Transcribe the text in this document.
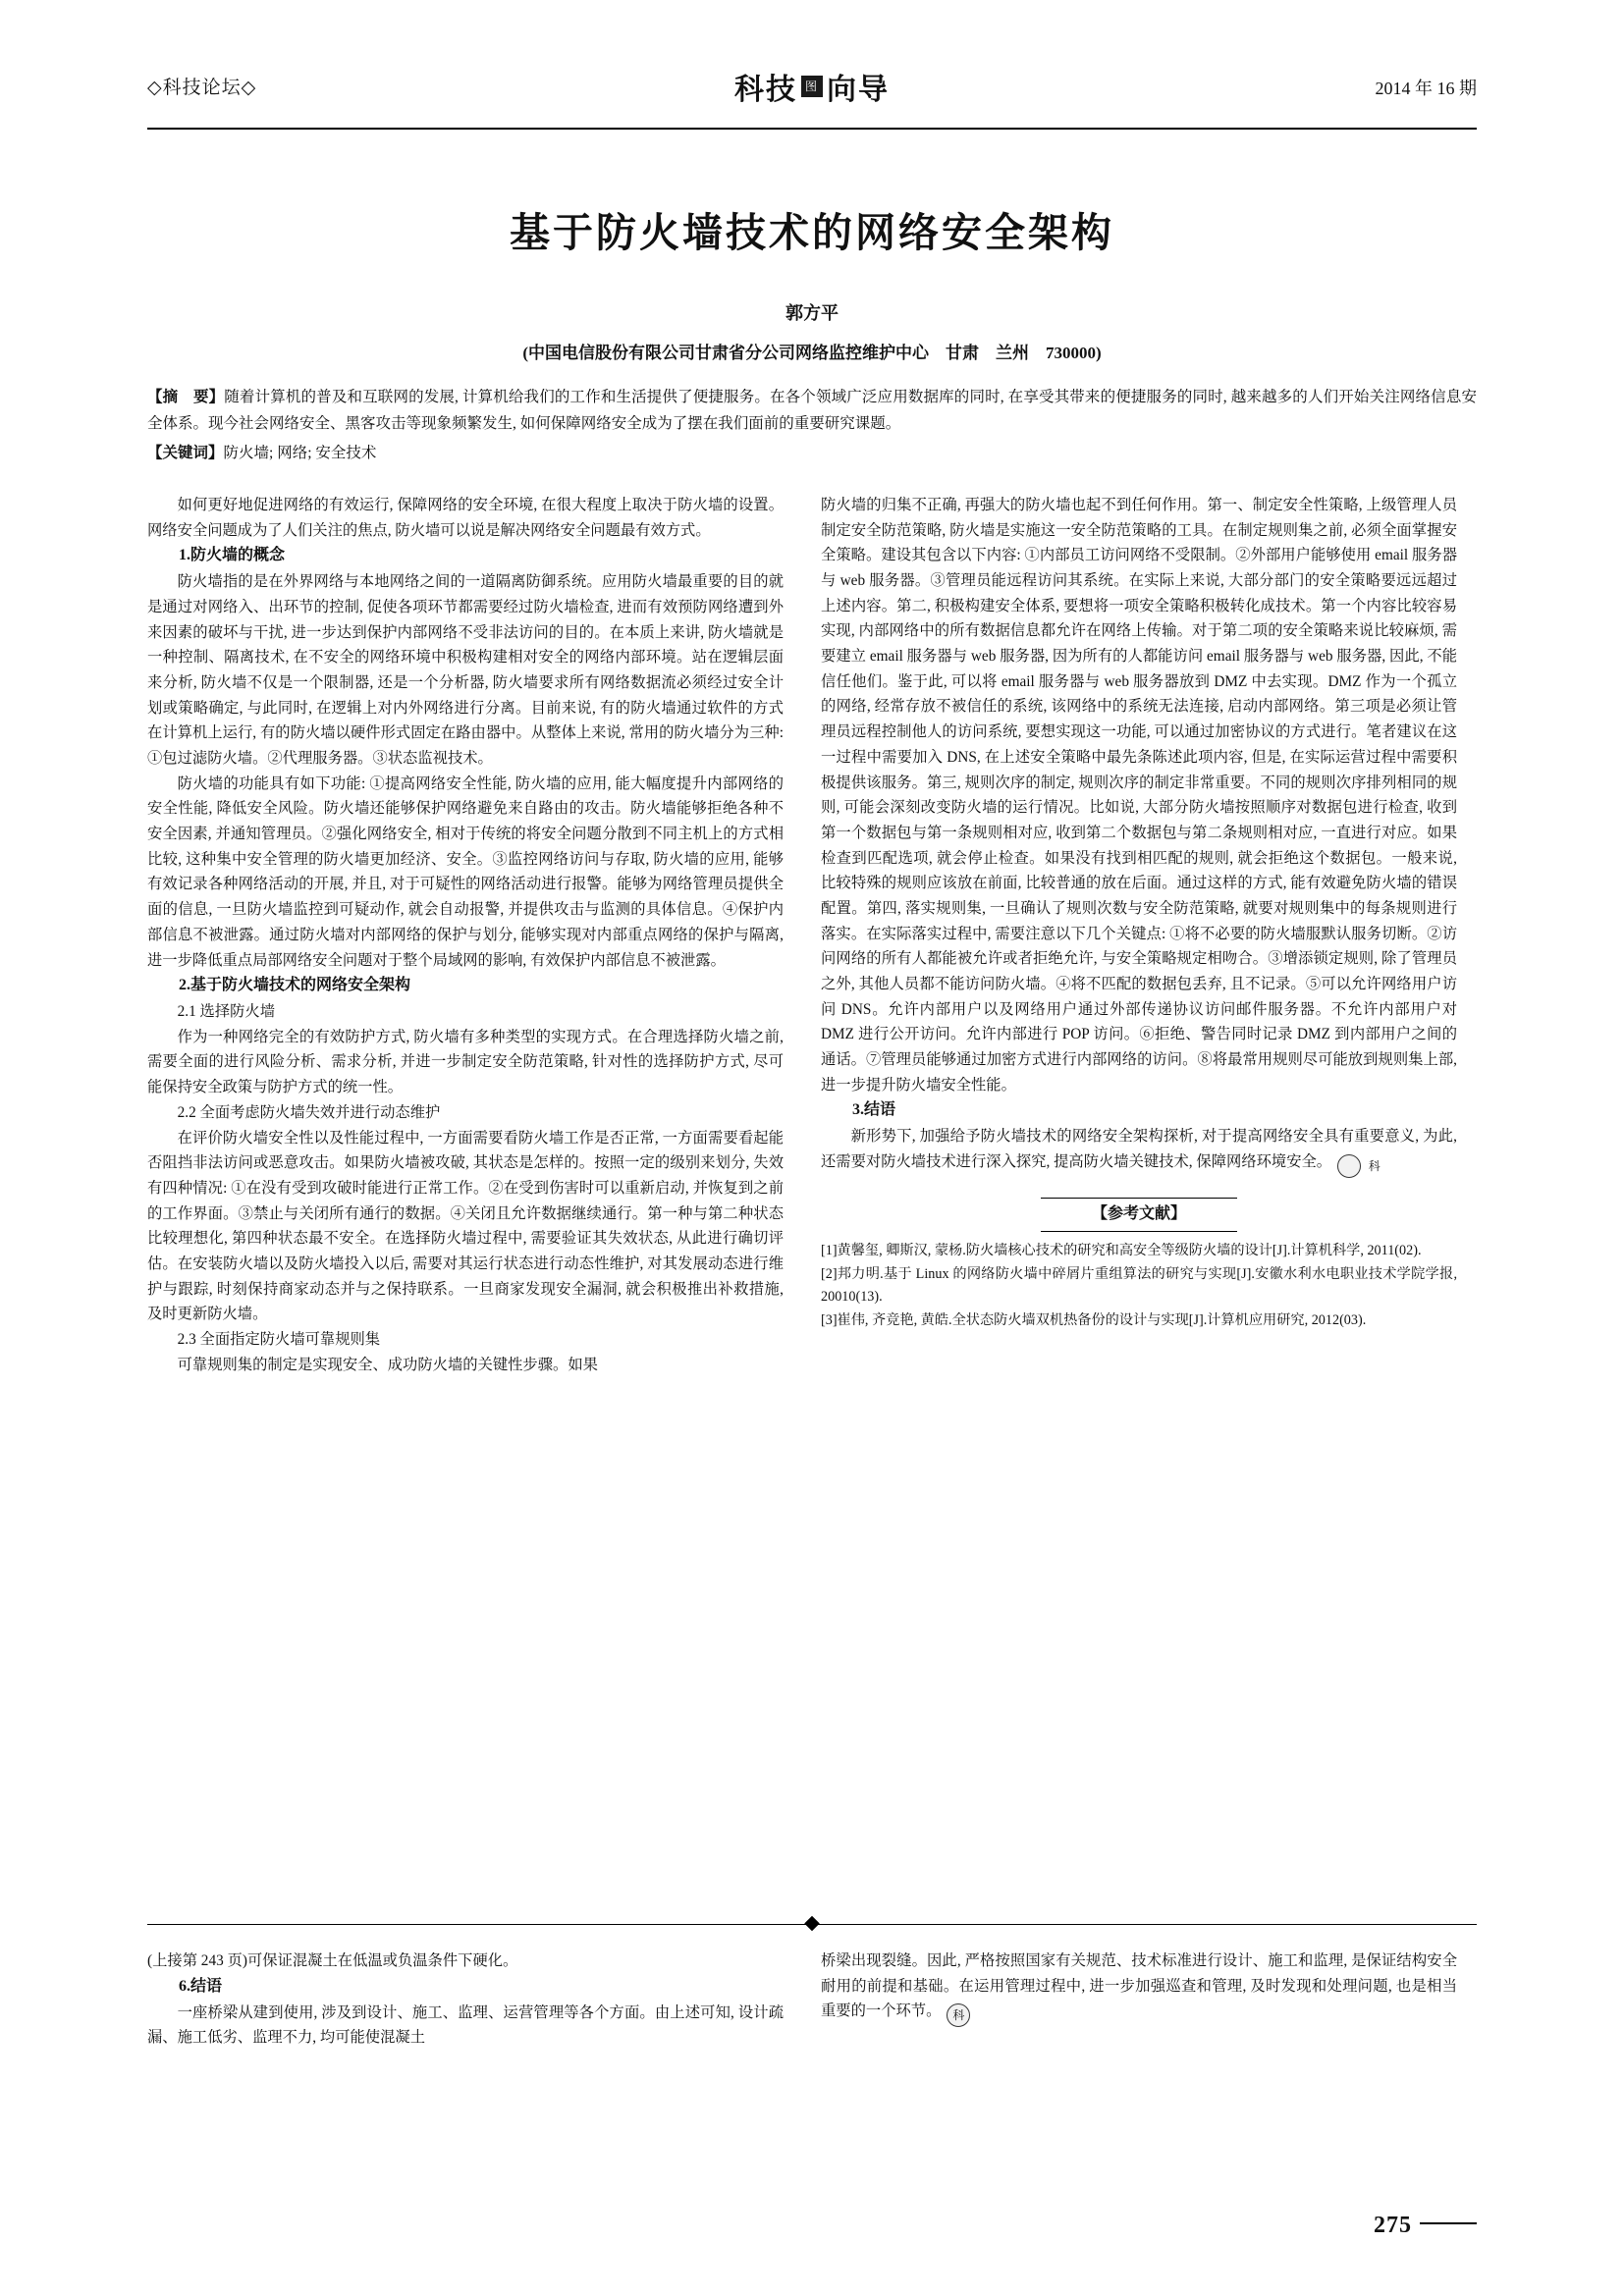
◇科技论坛◇	科技 图 向导	2014 年 16 期
基于防火墙技术的网络安全架构
郭方平
(中国电信股份有限公司甘肃省分公司网络监控维护中心　甘肃　兰州　730000)
【摘　要】随着计算机的普及和互联网的发展, 计算机给我们的工作和生活提供了便捷服务。在各个领域广泛应用数据库的同时, 在享受其带来的便捷服务的同时, 越来越多的人们开始关注网络信息安全体系。现今社会网络安全、黑客攻击等现象频繁发生, 如何保障网络安全成为了摆在我们面前的重要研究课题。
【关键词】防火墙; 网络; 安全技术

如何更好地促进网络的有效运行, 保障网络的安全环境, 在很大程度上取决于防火墙的设置。网络安全问题成为了人们关注的焦点, 防火墙可以说是解决网络安全问题最有效方式。

1.防火墙的概念

防火墙指的是在外界网络与本地网络之间的一道隔离防御系统。应用防火墙最重要的目的就是通过对网络入、出环节的控制, 促使各项环节都需要经过防火墙检查, 进而有效预防网络遭到外来因素的破坏与干扰, 进一步达到保护内部网络不受非法访问的目的。在本质上来讲, 防火墙就是一种控制、隔离技术, 在不安全的网络环境中积极构建相对安全的网络内部环境。站在逻辑层面来分析, 防火墙不仅是一个限制器, 还是一个分析器, 防火墙要求所有网络数据流必须经过安全计划或策略确定, 与此同时, 在逻辑上对内外网络进行分离。目前来说, 有的防火墙通过软件的方式在计算机上运行, 有的防火墙以硬件形式固定在路由器中。从整体上来说, 常用的防火墙分为三种: ①包过滤防火墙。②代理服务器。③状态监视技术。

防火墙的功能具有如下功能: ①提高网络安全性能, 防火墙的应用, 能大幅度提升内部网络的安全性能, 降低安全风险。防火墙还能够保护网络避免来自路由的攻击。防火墙能够拒绝各种不安全因素, 并通知管理员。②强化网络安全, 相对于传统的将安全问题分散到不同主机上的方式相比较, 这种集中安全管理的防火墙更加经济、安全。③监控网络访问与存取, 防火墙的应用, 能够有效记录各种网络活动的开展, 并且, 对于可疑性的网络活动进行报警。能够为网络管理员提供全面的信息, 一旦防火墙监控到可疑动作, 就会自动报警, 并提供攻击与监测的具体信息。④保护内部信息不被泄露。通过防火墙对内部网络的保护与划分, 能够实现对内部重点网络的保护与隔离, 进一步降低重点局部网络安全问题对于整个局域网的影响, 有效保护内部信息不被泄露。

2.基于防火墙技术的网络安全架构
2.1 选择防火墙

作为一种网络完全的有效防护方式, 防火墙有多种类型的实现方式。在合理选择防火墙之前, 需要全面的进行风险分析、需求分析, 并进一步制定安全防范策略, 针对性的选择防护方式, 尽可能保持安全政策与防护方式的统一性。

2.2 全面考虑防火墙失效并进行动态维护

在评价防火墙安全性以及性能过程中, 一方面需要看防火墙工作是否正常, 一方面需要看起能否阻挡非法访问或恶意攻击。如果防火墙被攻破, 其状态是怎样的。按照一定的级别来划分, 失效有四种情况: ①在没有受到攻破时能进行正常工作。②在受到伤害时可以重新启动, 并恢复到之前的工作界面。③禁止与关闭所有通行的数据。④关闭且允许数据继续通行。第一种与第二种状态比较理想化, 第四种状态最不安全。在选择防火墙过程中, 需要验证其失效状态, 从此进行确切评估。在安装防火墙以及防火墙投入以后, 需要对其运行状态进行动态性维护, 对其发展动态进行维护与跟踪, 时刻保持商家动态并与之保持联系。一旦商家发现安全漏洞, 就会积极推出补救措施, 及时更新防火墙。

2.3 全面指定防火墙可靠规则集

可靠规则集的制定是实现安全、成功防火墙的关键性步骤。如果

防火墙的归集不正确, 再强大的防火墙也起不到任何作用。第一、制定安全性策略, 上级管理人员制定安全防范策略, 防火墙是实施这一安全防范策略的工具。在制定规则集之前, 必须全面掌握安全策略。建设其包含以下内容: ①内部员工访问网络不受限制。②外部用户能够使用 email 服务器与 web 服务器。③管理员能远程访问其系统。在实际上来说, 大部分部门的安全策略要远远超过上述内容。第二, 积极构建安全体系, 要想将一项安全策略积极转化成技术。第一个内容比较容易实现, 内部网络中的所有数据信息都允许在网络上传输。对于第二项的安全策略来说比较麻烦, 需要建立 email 服务器与 web 服务器, 因为所有的人都能访问 email 服务器与 web 服务器, 因此, 不能信任他们。鉴于此, 可以将 email 服务器与 web 服务器放到 DMZ 中去实现。DMZ 作为一个孤立的网络, 经常存放不被信任的系统, 该网络中的系统无法连接, 启动内部网络。第三项是必须让管理员远程控制他人的访问系统, 要想实现这一功能, 可以通过加密协议的方式进行。笔者建议在这一过程中需要加入 DNS, 在上述安全策略中最先条陈述此项内容, 但是, 在实际运营过程中需要积极提供该服务。第三, 规则次序的制定, 规则次序的制定非常重要。不同的规则次序排列相同的规则, 可能会深刻改变防火墙的运行情况。比如说, 大部分防火墙按照顺序对数据包进行检查, 收到第一个数据包与第一条规则相对应, 收到第二个数据包与第二条规则相对应, 一直进行对应。如果检查到匹配选项, 就会停止检查。如果没有找到相匹配的规则, 就会拒绝这个数据包。一般来说, 比较特殊的规则应该放在前面, 比较普通的放在后面。通过这样的方式, 能有效避免防火墙的错误配置。第四, 落实规则集, 一旦确认了规则次数与安全防范策略, 就要对规则集中的每条规则进行落实。在实际落实过程中, 需要注意以下几个关键点: ①将不必要的防火墙服默认服务切断。②访问网络的所有人都能被允许或者拒绝允许, 与安全策略规定相吻合。③增添锁定规则, 除了管理员之外, 其他人员都不能访问防火墙。④将不匹配的数据包丢弃, 且不记录。⑤可以允许网络用户访问 DNS。允许内部用户以及网络用户通过外部传递协议访问邮件服务器。不允许内部用户对 DMZ 进行公开访问。允许内部进行 POP 访问。⑥拒绝、警告同时记录 DMZ 到内部用户之间的通话。⑦管理员能够通过加密方式进行内部网络的访问。⑧将最常用规则尽可能放到规则集上部, 进一步提升防火墙安全性能。

3.结语

新形势下, 加强给予防火墙技术的网络安全架构探析, 对于提高网络安全具有重要意义, 为此, 还需要对防火墙技术进行深入探究, 提高防火墙关键技术, 保障网络环境安全。	科

【参考文献】
[1]黄馨玺, 卿斯汉, 蒙杨.防火墙核心技术的研究和高安全等级防火墙的设计[J].计算机科学, 2011(02).
[2]邦力明.基于 Linux 的网络防火墙中碎屑片重组算法的研究与实现[J].安徽水利水电职业技术学院学报, 20010(13).
[3]崔伟, 齐竞艳, 黄皓.全状态防火墙双机热备份的设计与实现[J].计算机应用研究, 2012(03).

(上接第 243 页)可保证混凝土在低温或负温条件下硬化。

6.结语

一座桥梁从建到使用, 涉及到设计、施工、监理、运营管理等各个方面。由上述可知, 设计疏漏、施工低劣、监理不力, 均可能使混凝土

桥梁出现裂缝。因此, 严格按照国家有关规范、技术标准进行设计、施工和监理, 是保证结构安全耐用的前提和基础。在运用管理过程中, 进一步加强巡查和管理, 及时发现和处理问题, 也是相当重要的一个环节。 科

275
